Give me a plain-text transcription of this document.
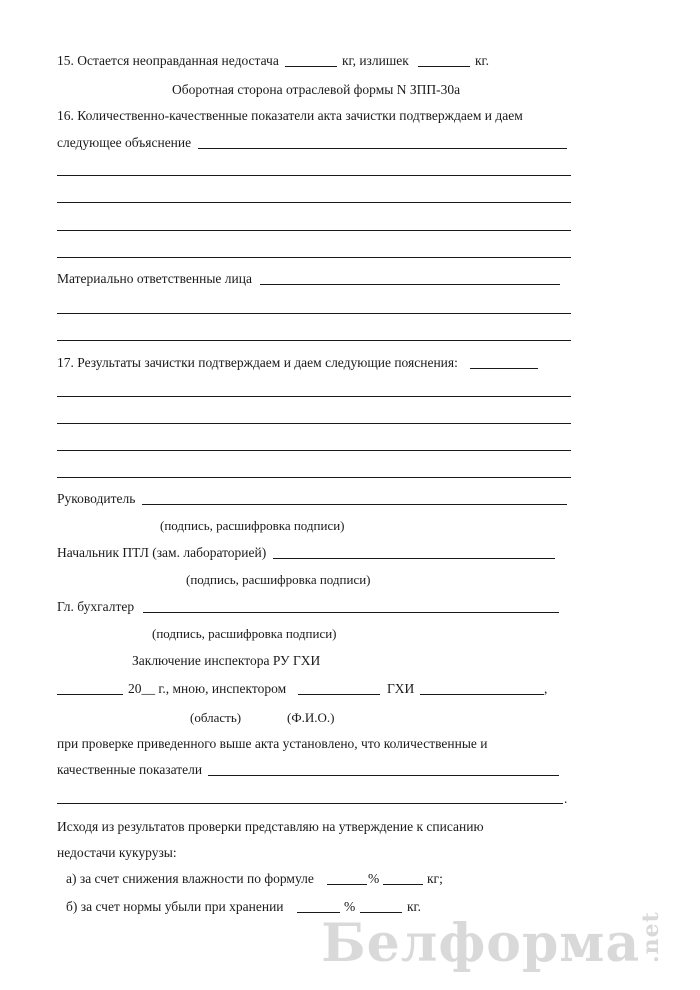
15. Остается неоправданная недостача	кг, излишек	кг.
Оборотная сторона отраслевой формы N ЗПП-30а
16. Количественно-качественные показатели акта зачистки подтверждаем и даем
следующее объяснение
Материально ответственные лица
17. Результаты зачистки подтверждаем и даем следующие пояснения:
Руководитель
(подпись, расшифровка подписи)
Начальник ПТЛ (зам. лабораторией)
(подпись, расшифровка подписи)
Гл. бухгалтер
(подпись, расшифровка подписи)
Заключение инспектора РУ ГХИ
20__ г., мною, инспектором	ГХИ	,
(область)	(Ф.И.О.)
при проверке приведенного выше акта установлено, что количественные и
качественные показатели
.
Исходя из результатов проверки представляю на утверждение к списанию
недостачи кукурузы:
а) за счет снижения влажности по формуле	%	кг;
б) за счет нормы убыли при хранении	%	кг.
Белформа.net
